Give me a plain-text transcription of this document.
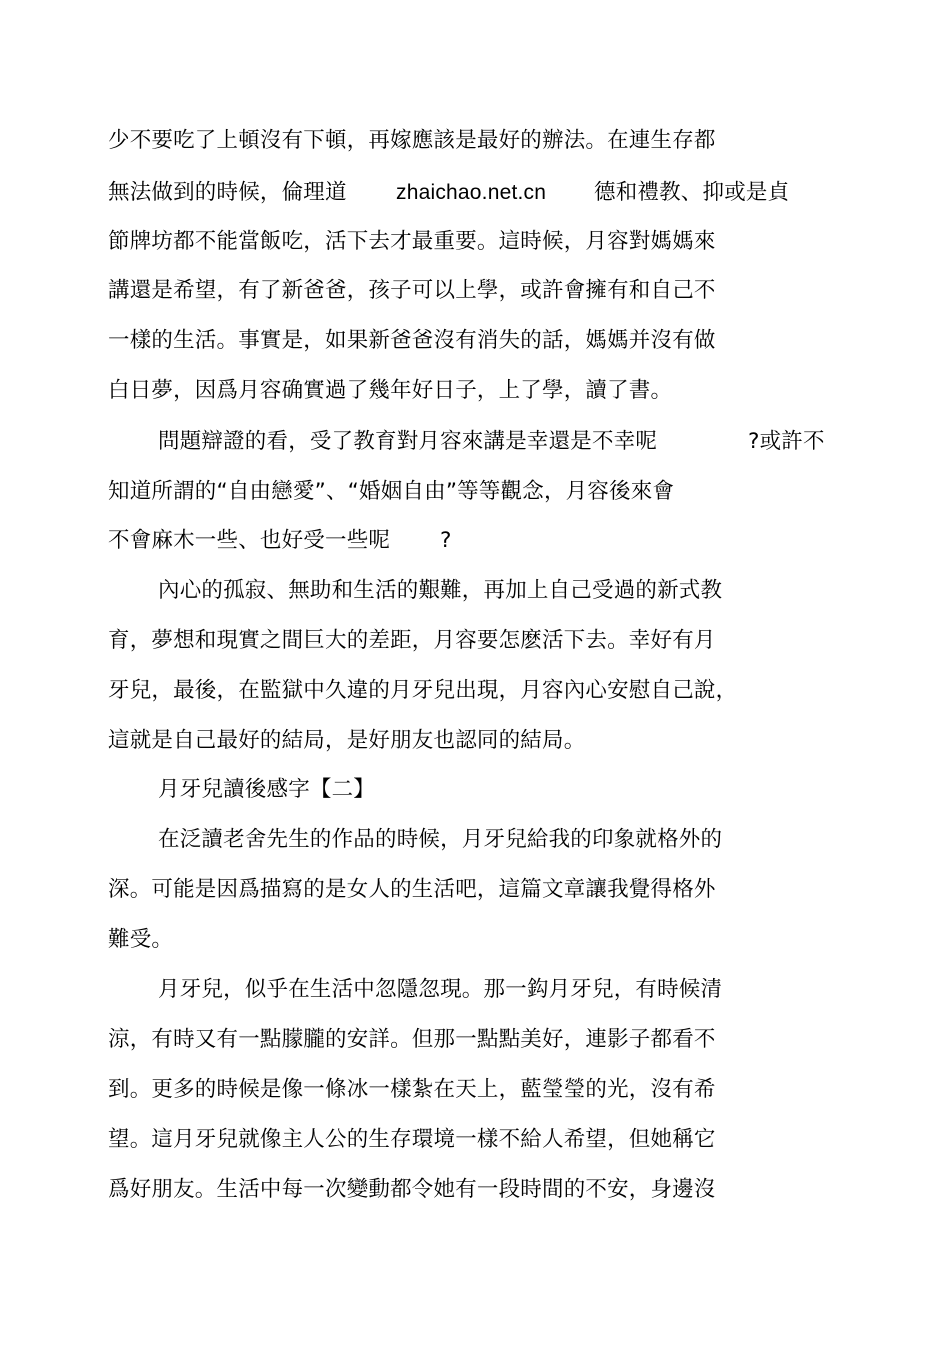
少不要吃了上頓沒有下頓，再嫁應該是最好的辦法。在連生存都
無法做到的時候，倫理道 zhaichao.net.cn 德和禮教、抑或是貞
節牌坊都不能當飯吃，活下去才最重要。這時候，月容對媽媽來
講還是希望，有了新爸爸，孩子可以上學，或許會擁有和自己不
一樣的生活。事實是，如果新爸爸沒有消失的話，媽媽并沒有做
白日夢，因爲月容确實過了幾年好日子，上了學，讀了書。
問題辯證的看，受了教育對月容來講是幸還是不幸呢	?或許不
知道所謂的“自由戀愛”、“婚姻自由”等等觀念，月容後來會
不會麻木一些、也好受一些呢 ?
內心的孤寂、無助和生活的艱難，再加上自己受過的新式教
育，夢想和現實之間巨大的差距，月容要怎麽活下去。幸好有月
牙兒，最後，在監獄中久違的月牙兒出現，月容內心安慰自己說，
這就是自己最好的結局，是好朋友也認同的結局。
月牙兒讀後感字【二】
在泛讀老舍先生的作品的時候，月牙兒給我的印象就格外的
深。可能是因爲描寫的是女人的生活吧，這篇文章讓我覺得格外
難受。
月牙兒，似乎在生活中忽隱忽現。那一鈎月牙兒，有時候清
涼，有時又有一點朦朧的安詳。但那一點點美好，連影子都看不
到。更多的時候是像一條冰一樣紮在天上，藍瑩瑩的光，沒有希
望。這月牙兒就像主人公的生存環境一樣不給人希望，但她稱它
爲好朋友。生活中每一次變動都令她有一段時間的不安，身邊沒
